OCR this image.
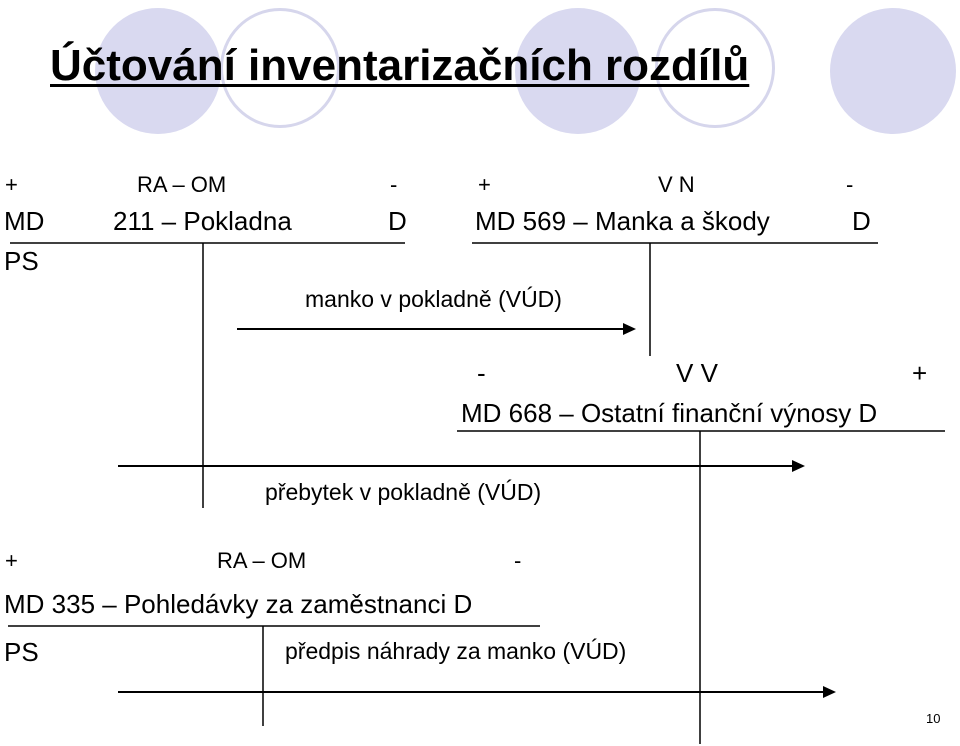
Účtování inventarizačních rozdílů
+	RA – OM	-
MD	211 – Pokladna	D
PS
+	V N	-
MD 569 – Manka a škody	D
manko v pokladně (VÚD)
-	V V	+
MD 668 – Ostatní finanční výnosy D
přebytek v pokladně (VÚD)
+	RA – OM	-
MD 335 – Pohledávky za zaměstnanci D
PS	předpis náhrady za manko (VÚD)
10
